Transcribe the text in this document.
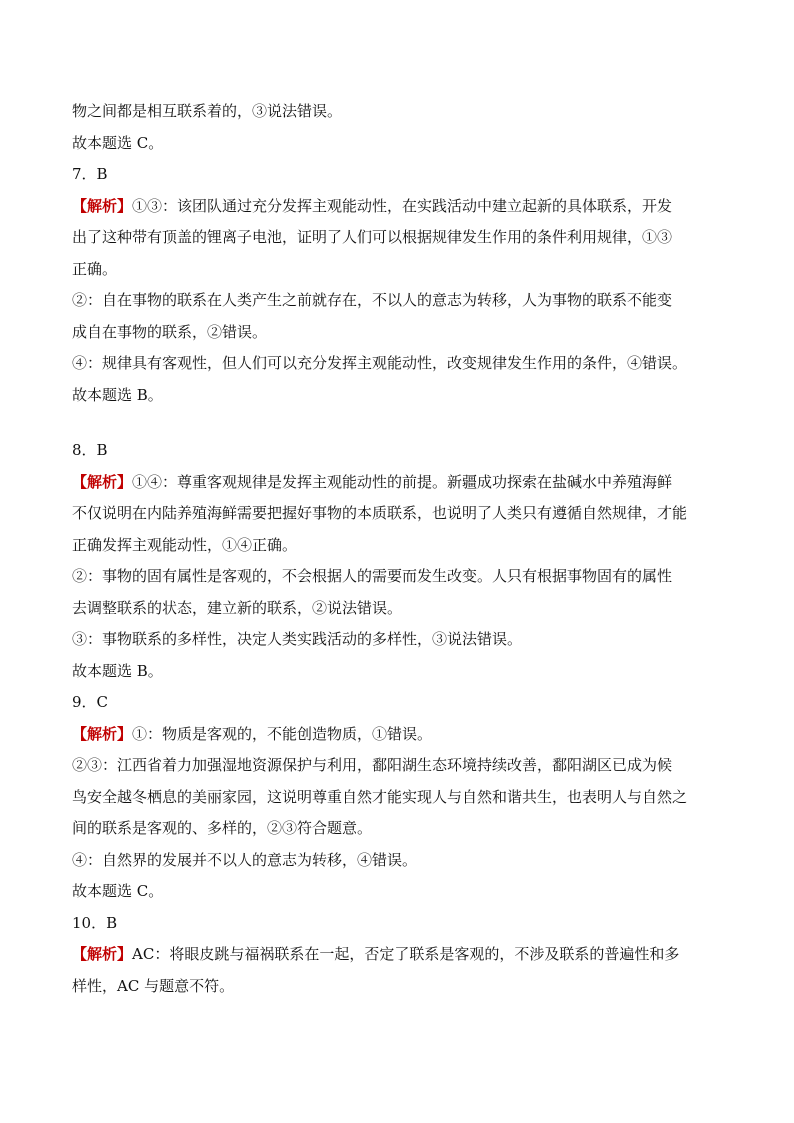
物之间都是相互联系着的，③说法错误。
故本题选 C。
7．B
【解析】①③：该团队通过充分发挥主观能动性，在实践活动中建立起新的具体联系，开发
出了这种带有顶盖的锂离子电池，证明了人们可以根据规律发生作用的条件利用规律，①③
正确。
②：自在事物的联系在人类产生之前就存在，不以人的意志为转移，人为事物的联系不能变
成自在事物的联系，②错误。
④：规律具有客观性，但人们可以充分发挥主观能动性，改变规律发生作用的条件，④错误。
故本题选 B。
8．B
【解析】①④：尊重客观规律是发挥主观能动性的前提。新疆成功探索在盐碱水中养殖海鲜
不仅说明在内陆养殖海鲜需要把握好事物的本质联系，也说明了人类只有遵循自然规律，才能
正确发挥主观能动性，①④正确。
②：事物的固有属性是客观的，不会根据人的需要而发生改变。人只有根据事物固有的属性
去调整联系的状态，建立新的联系，②说法错误。
③：事物联系的多样性，决定人类实践活动的多样性，③说法错误。
故本题选 B。
9．C
【解析】①：物质是客观的，不能创造物质，①错误。
②③：江西省着力加强湿地资源保护与利用，鄱阳湖生态环境持续改善，鄱阳湖区已成为候
鸟安全越冬栖息的美丽家园，这说明尊重自然才能实现人与自然和谐共生，也表明人与自然之
间的联系是客观的、多样的，②③符合题意。
④：自然界的发展并不以人的意志为转移，④错误。
故本题选 C。
10．B
【解析】AC：将眼皮跳与福祸联系在一起，否定了联系是客观的，不涉及联系的普遍性和多
样性，AC 与题意不符。
